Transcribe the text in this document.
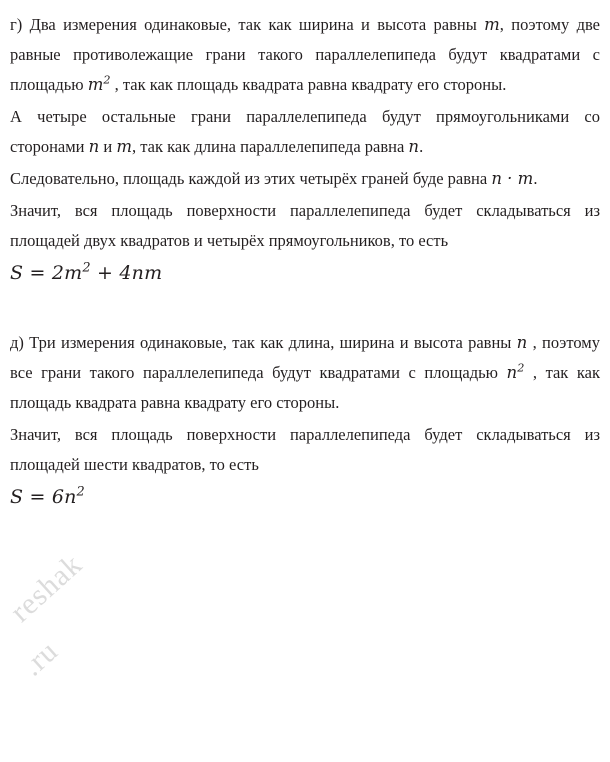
г) Два измерения одинаковые, так как ширина и высота равны m, поэтому две равные противолежащие грани такого параллелепипеда будут квадратами с площадью $m^2$ , так как площадь квадрата равна квадрату его стороны.

А четыре остальные грани параллелепипеда будут прямоугольниками со сторонами n и m, так как длина параллелепипеда равна n.

Следовательно, площадь каждой из этих четырёх граней буде равна n · m.

Значит, вся площадь поверхности параллелепипеда будет складываться из площадей двух квадратов и четырёх прямоугольников, то есть

$S = 2m^2 + 4nm$

д) Три измерения одинаковые, так как длина, ширина и высота равны n , поэтому все грани такого параллелепипеда будут квадратами с площадью $n^2$ , так как площадь квадрата равна квадрату его стороны.

Значит, вся площадь поверхности параллелепипеда будет складываться из площадей шести квадратов, то есть

$S = 6n^2$
reshak
.ru
